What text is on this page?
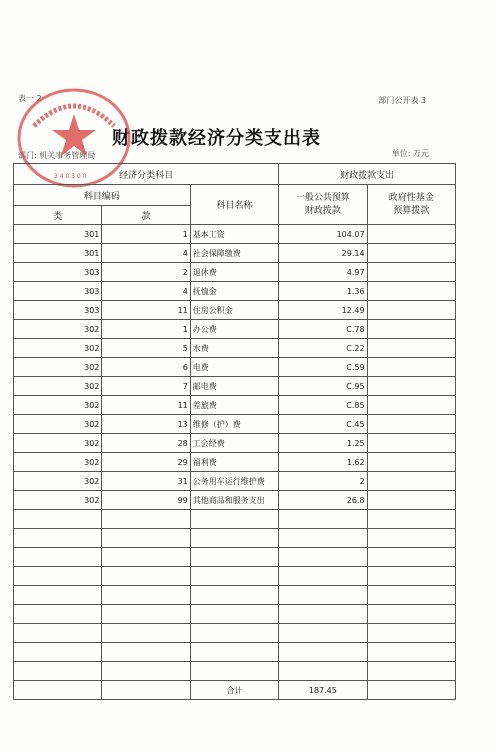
表一 2	部门公开表 3
财政拨款经济分类支出表
部门: 机关事务管理局	单位: 万元
3 4 0 3 0 0	经济分类科目			财政拨款支出	
科目编码		科目名称	一般公共预算
财政拨款	政府性基金
预算拨款
类	款			
301	1	基本工资	104.07	
301	4	社会保障缴费	29.14	
303	2	退休费	4.97	
303	4	抚恤金	1.36	
303	11	住房公积金	12.49	
302	1	办公费	C.78	
302	5	水费	C.22	
302	6	电费	C.59	
302	7	邮电费	C.95	
302	11	差旅费	C.85	
302	13	维修（护）费	C.45	
302	28	工会经费	1.25	
302	29	福利费	1.62	
302	31	公务用车运行维护费	2	
302	99	其他商品和服务支出	26.8	

		合计	187.45	
